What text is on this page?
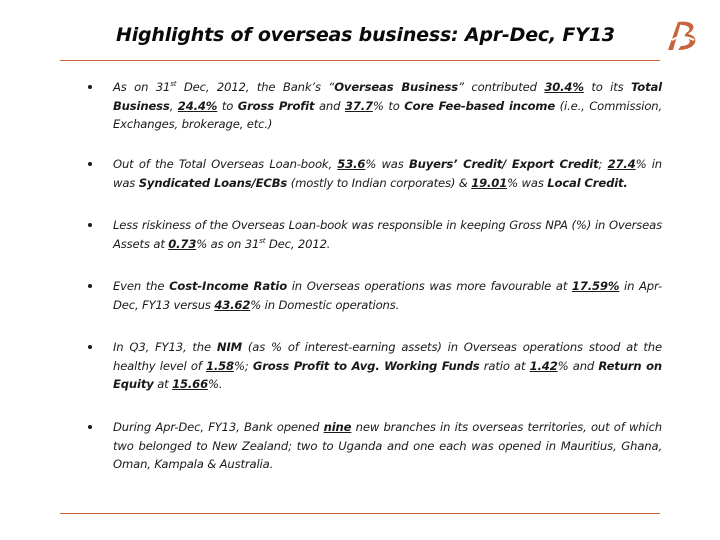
Highlights of overseas business: Apr-Dec, FY13
As on 31st Dec, 2012, the Bank’s “Overseas Business” contributed 30.4% to its Total Business, 24.4% to Gross Profit and 37.7% to Core Fee-based income (i.e., Commission, Exchanges, brokerage, etc.)
Out of the Total Overseas Loan-book, 53.6% was Buyers’ Credit/ Export Credit; 27.4% in was Syndicated Loans/ECBs (mostly to Indian corporates) & 19.01% was Local Credit.
Less riskiness of the Overseas Loan-book was responsible in keeping Gross NPA (%) in Overseas Assets at 0.73% as on 31st Dec, 2012.
Even the Cost-Income Ratio in Overseas operations was more favourable at 17.59% in Apr-Dec, FY13 versus 43.62% in Domestic operations.
In Q3, FY13, the NIM (as % of interest-earning assets) in Overseas operations stood at the healthy level of 1.58%; Gross Profit to Avg. Working Funds ratio at 1.42% and Return on Equity at 15.66%.
During Apr-Dec, FY13, Bank opened nine new branches in its overseas territories, out of which two belonged to New Zealand; two to Uganda and one each was opened in Mauritius, Ghana, Oman, Kampala & Australia.
